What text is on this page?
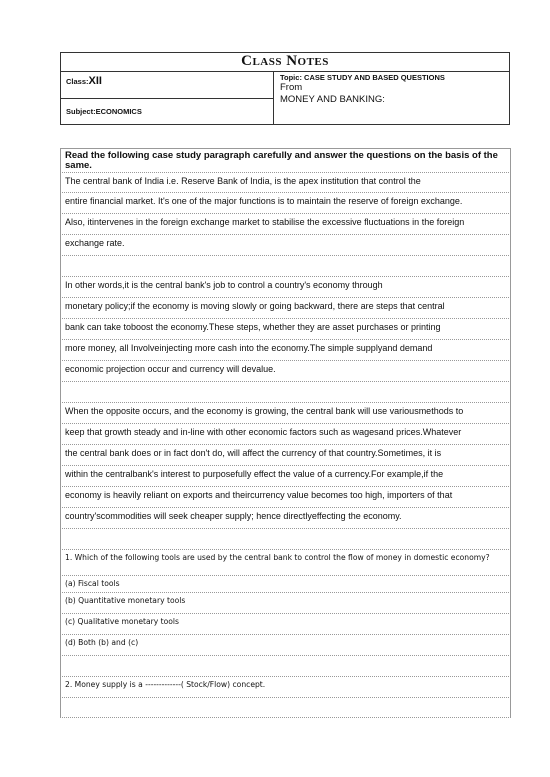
Class Notes
Class:XII
Subject:ECONOMICS
Topic: CASE STUDY AND BASED QUESTIONS
From
MONEY AND BANKING:
Read the following case study paragraph carefully and answer the questions on the basis of the same.
The central bank of India i.e. Reserve Bank of India, is the apex institution that control the
entire financial market. It's one of the major functions is to maintain the reserve of foreign exchange.
Also, itintervenes in the foreign exchange market to stabilise the excessive fluctuations in the foreign
exchange rate.
In other words,it is the central bank's job to control a country's economy through
monetary policy;if the economy is moving slowly or going backward, there are steps that central
bank can take toboost the economy.These steps, whether they are asset purchases or printing
more money, all Involveinjecting more cash into the economy.The simple supplyand demand
economic projection occur and currency will devalue.
When the opposite occurs, and the economy is growing, the central bank will use variousmethods to
keep that growth steady and in-line with other economic factors such as wagesand prices.Whatever
the central bank does or in fact don't do, will affect the currency of that country.Sometimes, it is
within the centralbank's interest to purposefully effect the value of a currency.For example,if the
economy is heavily reliant on exports and theircurrency value becomes too high, importers of that
country'scommodities will seek cheaper supply; hence directlyeffecting the economy.
1. Which of the following tools are used by the central bank to control the flow of money in domestic economy?
(a) Fiscal tools
(b) Quantitative monetary tools
(c) Qualitative monetary tools
(d) Both (b) and (c)
2. Money supply is a -------------( Stock/Flow) concept.
